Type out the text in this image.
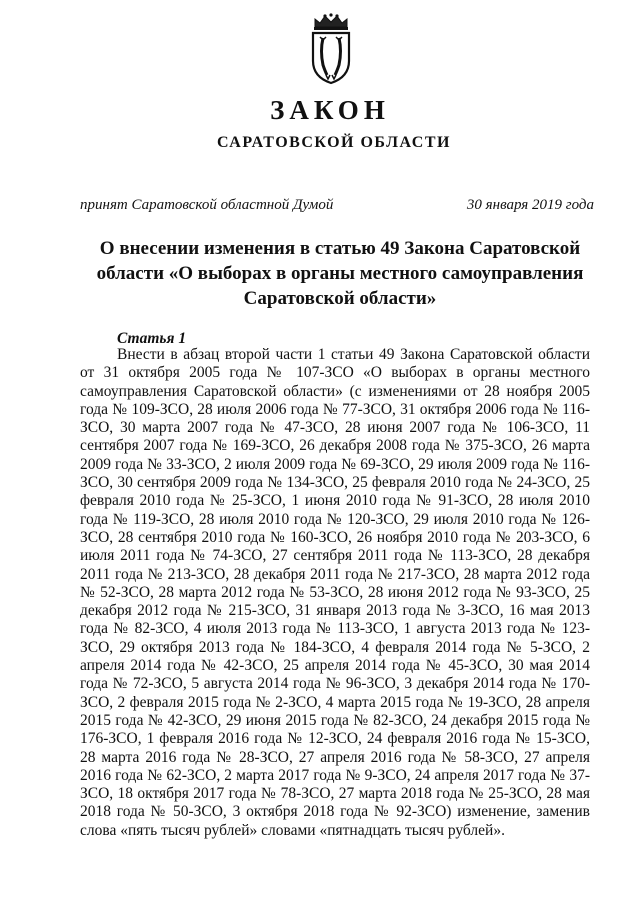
ЗАКОН
САРАТОВСКОЙ ОБЛАСТИ
принят Саратовской областной Думой	30 января 2019 года
О внесении изменения в статью 49 Закона Саратовской области «О выборах в органы местного самоуправления Саратовской области»
Статья 1

Внести в абзац второй части 1 статьи 49 Закона Саратовской области от 31 октября 2005 года № 107-ЗСО «О выборах в органы местного самоуправления Саратовской области» (с изменениями от 28 ноября 2005 года № 109-ЗСО, 28 июля 2006 года № 77-ЗСО, 31 октября 2006 года № 116-ЗСО, 30 марта 2007 года № 47-ЗСО, 28 июня 2007 года № 106-ЗСО, 11 сентября 2007 года № 169-ЗСО, 26 декабря 2008 года № 375-ЗСО, 26 марта 2009 года № 33-ЗСО, 2 июля 2009 года № 69-ЗСО, 29 июля 2009 года № 116-ЗСО, 30 сентября 2009 года № 134-ЗСО, 25 февраля 2010 года № 24-ЗСО, 25 февраля 2010 года № 25-ЗСО, 1 июня 2010 года № 91-ЗСО, 28 июля 2010 года № 119-ЗСО, 28 июля 2010 года № 120-ЗСО, 29 июля 2010 года № 126-ЗСО, 28 сентября 2010 года № 160-ЗСО, 26 ноября 2010 года № 203-ЗСО, 6 июля 2011 года № 74-ЗСО, 27 сентября 2011 года № 113-ЗСО, 28 декабря 2011 года № 213-ЗСО, 28 декабря 2011 года № 217-ЗСО, 28 марта 2012 года № 52-ЗСО, 28 марта 2012 года № 53-ЗСО, 28 июня 2012 года № 93-ЗСО, 25 декабря 2012 года № 215-ЗСО, 31 января 2013 года № 3-ЗСО, 16 мая 2013 года № 82-ЗСО, 4 июля 2013 года № 113-ЗСО, 1 августа 2013 года № 123-ЗСО, 29 октября 2013 года № 184-ЗСО, 4 февраля 2014 года № 5-ЗСО, 2 апреля 2014 года № 42-ЗСО, 25 апреля 2014 года № 45-ЗСО, 30 мая 2014 года № 72-ЗСО, 5 августа 2014 года № 96-ЗСО, 3 декабря 2014 года № 170-ЗСО, 2 февраля 2015 года № 2-ЗСО, 4 марта 2015 года № 19-ЗСО, 28 апреля 2015 года № 42-ЗСО, 29 июня 2015 года № 82-ЗСО, 24 декабря 2015 года № 176-ЗСО, 1 февраля 2016 года № 12-ЗСО, 24 февраля 2016 года № 15-ЗСО, 28 марта 2016 года № 28-ЗСО, 27 апреля 2016 года № 58-ЗСО, 27 апреля 2016 года № 62-ЗСО, 2 марта 2017 года № 9-ЗСО, 24 апреля 2017 года № 37-ЗСО, 18 октября 2017 года № 78-ЗСО, 27 марта 2018 года № 25-ЗСО, 28 мая 2018 года № 50-ЗСО, 3 октября 2018 года № 92-ЗСО) изменение, заменив слова «пять тысяч рублей» словами «пятнадцать тысяч рублей».
